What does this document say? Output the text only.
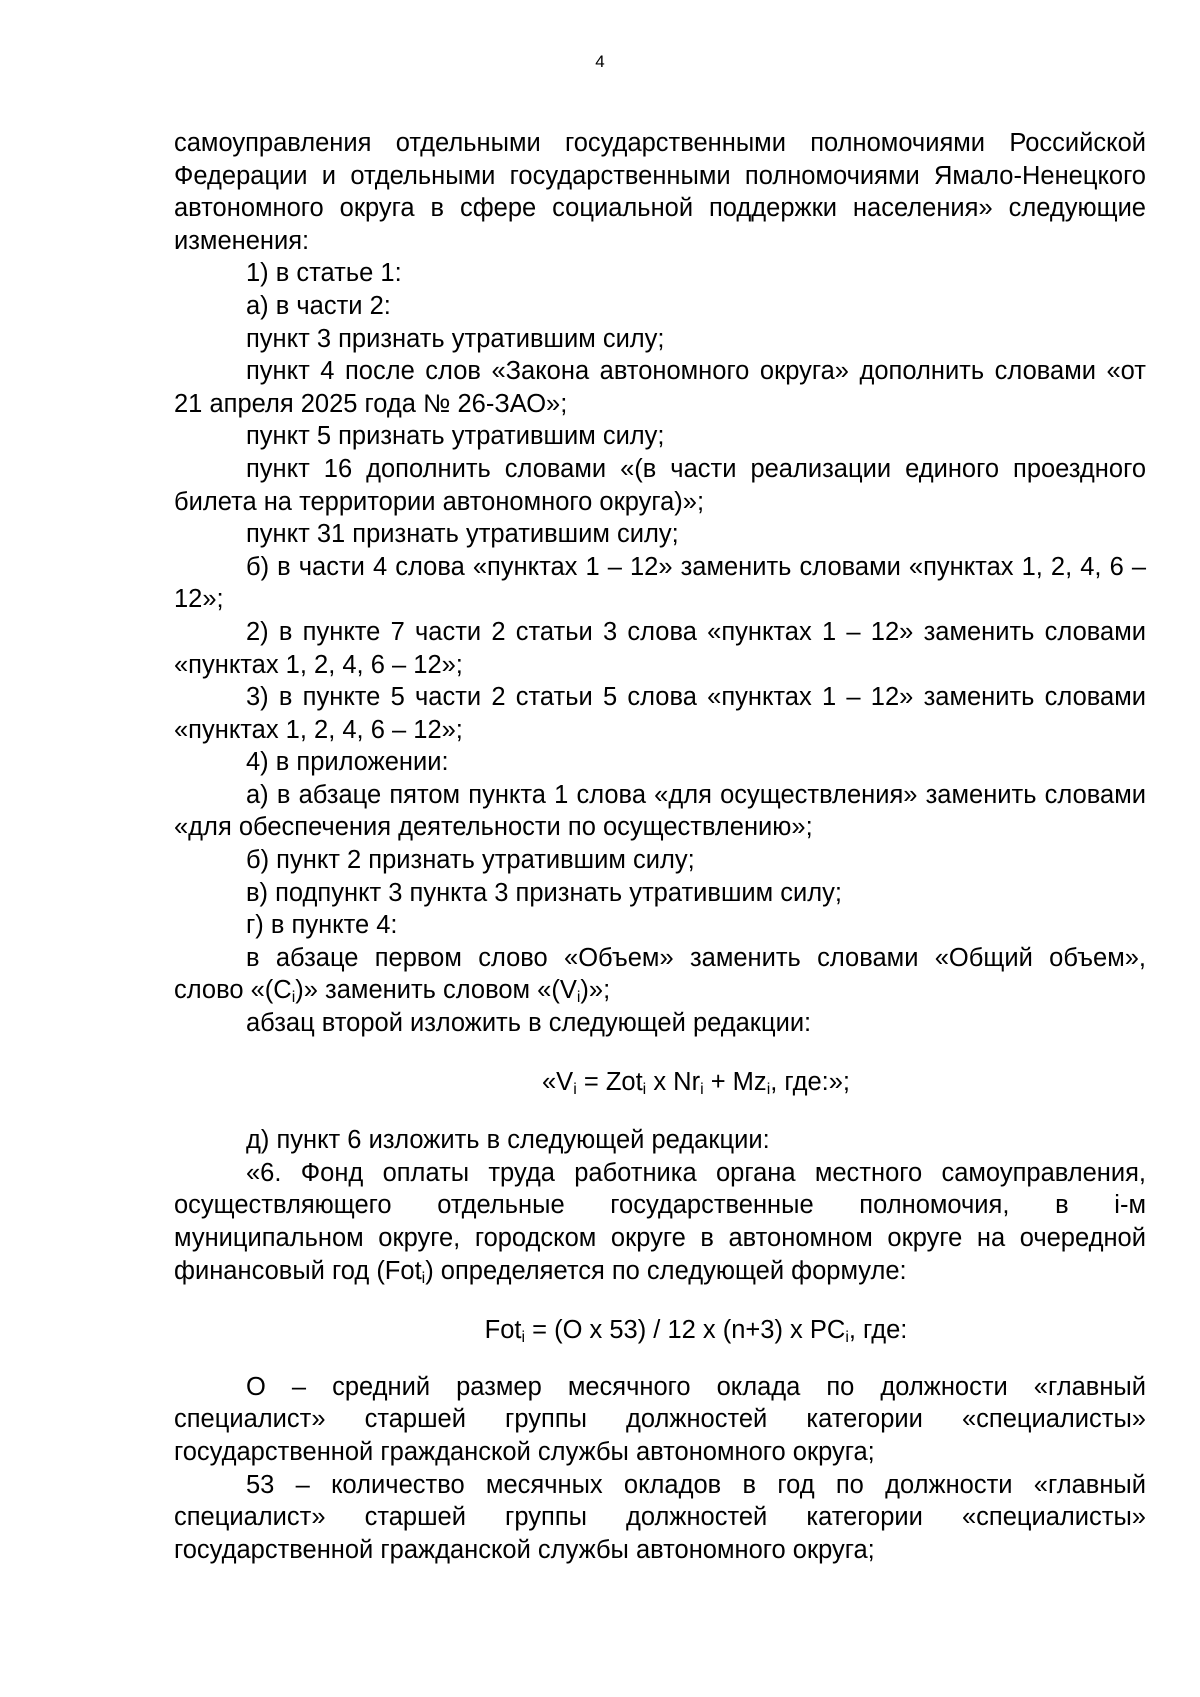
4

самоуправления отдельными государственными полномочиями Российской Федерации и отдельными государственными полномочиями Ямало-Ненецкого автономного округа в сфере социальной поддержки населения» следующие изменения:

1) в статье 1:

а) в части 2:

пункт 3 признать утратившим силу;

пункт 4 после слов «Закона автономного округа» дополнить словами «от 21 апреля 2025 года № 26-ЗАО»;

пункт 5 признать утратившим силу;

пункт 16 дополнить словами «(в части реализации единого проездного билета на территории автономного округа)»;

пункт 31 признать утратившим силу;

б) в части 4 слова «пунктах 1 – 12» заменить словами «пунктах 1, 2, 4, 6 – 12»;

2) в пункте 7 части 2 статьи 3 слова «пунктах 1 – 12» заменить словами «пунктах 1, 2, 4, 6 – 12»;

3) в пункте 5 части 2 статьи 5 слова «пунктах 1 – 12» заменить словами «пунктах 1, 2, 4, 6 – 12»;

4) в приложении:

а) в абзаце пятом пункта 1 слова «для осуществления» заменить словами «для обеспечения деятельности по осуществлению»;

б) пункт 2 признать утратившим силу;

в) подпункт 3 пункта 3 признать утратившим силу;

г) в пункте 4:

в абзаце первом слово «Объем» заменить словами «Общий объем», слово «$(C_i)$» заменить словом «$(V_i)$»;

абзац второй изложить в следующей редакции:

«$V_i = Zot_i$ x $Nr_i + Mz_i$, где:»;

д) пункт 6 изложить в следующей редакции:

«6. Фонд оплаты труда работника органа местного самоуправления, осуществляющего отдельные государственные полномочия, в i-м муниципальном округе, городском округе в автономном округе на очередной финансовый год (Fot$_i$) определяется по следующей формуле:

Fot$_i$ = (O x 53) / 12 x (n+3) x $PC_i$, где:

O – средний размер месячного оклада по должности «главный специалист» старшей группы должностей категории «специалисты» государственной гражданской службы автономного округа;

53 – количество месячных окладов в год по должности «главный специалист» старшей группы должностей категории «специалисты» государственной гражданской службы автономного округа;
